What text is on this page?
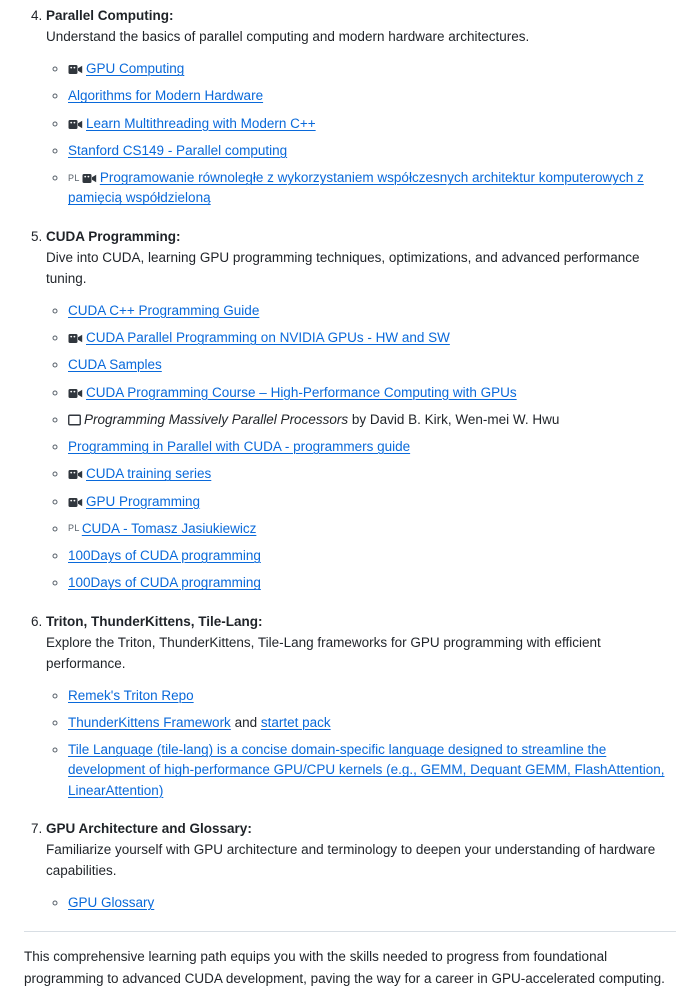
4. Parallel Computing:
Understand the basics of parallel computing and modern hardware architectures.
◦ GPU Computing
◦ Algorithms for Modern Hardware
◦ Learn Multithreading with Modern C++
◦ Stanford CS149 - Parallel computing
◦ PL Programowanie równoległe z wykorzystaniem współczesnych architektur komputerowych z pamięcią współdzieloną
5. CUDA Programming:
Dive into CUDA, learning GPU programming techniques, optimizations, and advanced performance tuning.
◦ CUDA C++ Programming Guide
◦ CUDA Parallel Programming on NVIDIA GPUs - HW and SW
◦ CUDA Samples
◦ CUDA Programming Course – High-Performance Computing with GPUs
◦ Programming Massively Parallel Processors by David B. Kirk, Wen-mei W. Hwu
◦ Programming in Parallel with CUDA - programmers guide
◦ CUDA training series
◦ GPU Programming
◦ PL CUDA - Tomasz Jasiukiewicz
◦ 100Days of CUDA programming
◦ 100Days of CUDA programming
6. Triton, ThunderKittens, Tile-Lang:
Explore the Triton, ThunderKittens, Tile-Lang frameworks for GPU programming with efficient performance.
◦ Remek's Triton Repo
◦ ThunderKittens Framework and startet pack
◦ Tile Language (tile-lang) is a concise domain-specific language designed to streamline the development of high-performance GPU/CPU kernels (e.g., GEMM, Dequant GEMM, FlashAttention, LinearAttention)
7. GPU Architecture and Glossary:
Familiarize yourself with GPU architecture and terminology to deepen your understanding of hardware capabilities.
◦ GPU Glossary

This comprehensive learning path equips you with the skills needed to progress from foundational programming to advanced CUDA development, paving the way for a career in GPU-accelerated computing.
